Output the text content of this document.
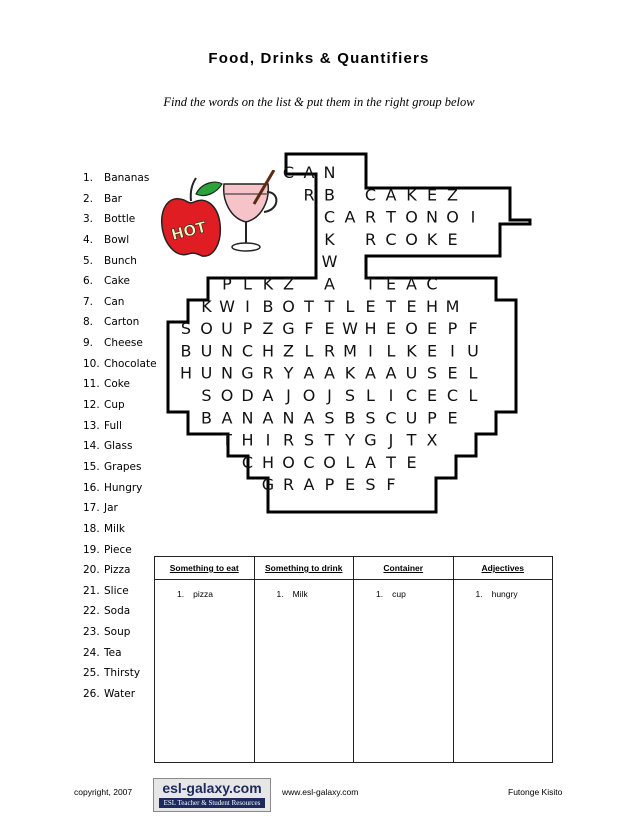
Food, Drinks & Quantifiers
Find the words on the list & put them in the right group below
1. Bananas
2. Bar
3. Bottle
4. Bowl
5. Bunch
6. Cake
7. Can
8. Carton
9. Cheese
10. Chocolate
11. Coke
12. Cup
13. Full
14. Glass
15. Grapes
16. Hungry
17. Jar
18. Milk
19. Piece
20. Pizza
21. Slice
22. Soda
23. Soup
24. Tea
25. Thirsty
26. Water
HOT
C A N
R B C A K E Z
C A R T O N O I
K R C O K E
W
P L K Z A T E A C
K W I B O T T L E T E H M
S O U P Z G F E W H E O E P F
B U N C H Z L R M I L K E I U
H U N G R Y A A K A A U S E L
S O D A J O J S L I C E C L
B A N A N A S B S C U P E
T H I R S T Y G J T X
C H O C O L A T E
G R A P E S F
Something to eat
1. pizza
Something to drink
1. Milk
Container
1. cup
Adjectives
1. hungry
copyright, 2007	esl-galaxy.com
ESL Teacher & Student Resources
www.esl-galaxy.com	Futonge Kisito
